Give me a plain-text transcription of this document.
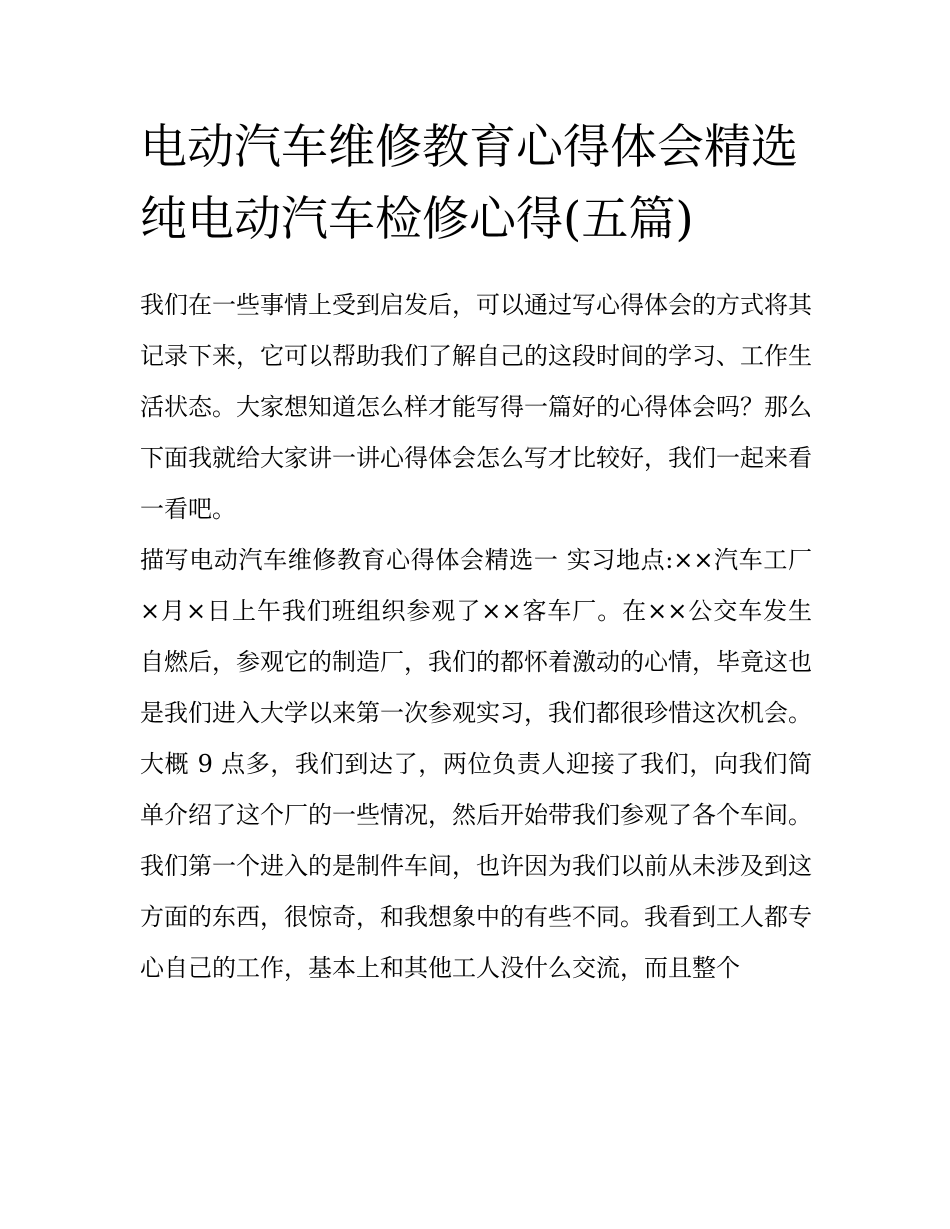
电动汽车维修教育心得体会精选 纯电动汽车检修心得(五篇)

我们在一些事情上受到启发后，可以通过写心得体会的方式将其记录下来，它可以帮助我们了解自己的这段时间的学习、工作生活状态。大家想知道怎么样才能写得一篇好的心得体会吗？那么下面我就给大家讲一讲心得体会怎么写才比较好，我们一起来看一看吧。

描写电动汽车维修教育心得体会精选一 实习地点:××汽车工厂 ×月×日上午我们班组织参观了××客车厂。在××公交车发生自燃后，参观它的制造厂，我们的都怀着激动的心情，毕竟这也是我们进入大学以来第一次参观实习，我们都很珍惜这次机会。

大概 9 点多，我们到达了，两位负责人迎接了我们，向我们简单介绍了这个厂的一些情况，然后开始带我们参观了各个车间。

我们第一个进入的是制件车间，也许因为我们以前从未涉及到这方面的东西，很惊奇，和我想象中的有些不同。我看到工人都专心自己的工作，基本上和其他工人没什么交流，而且整个
